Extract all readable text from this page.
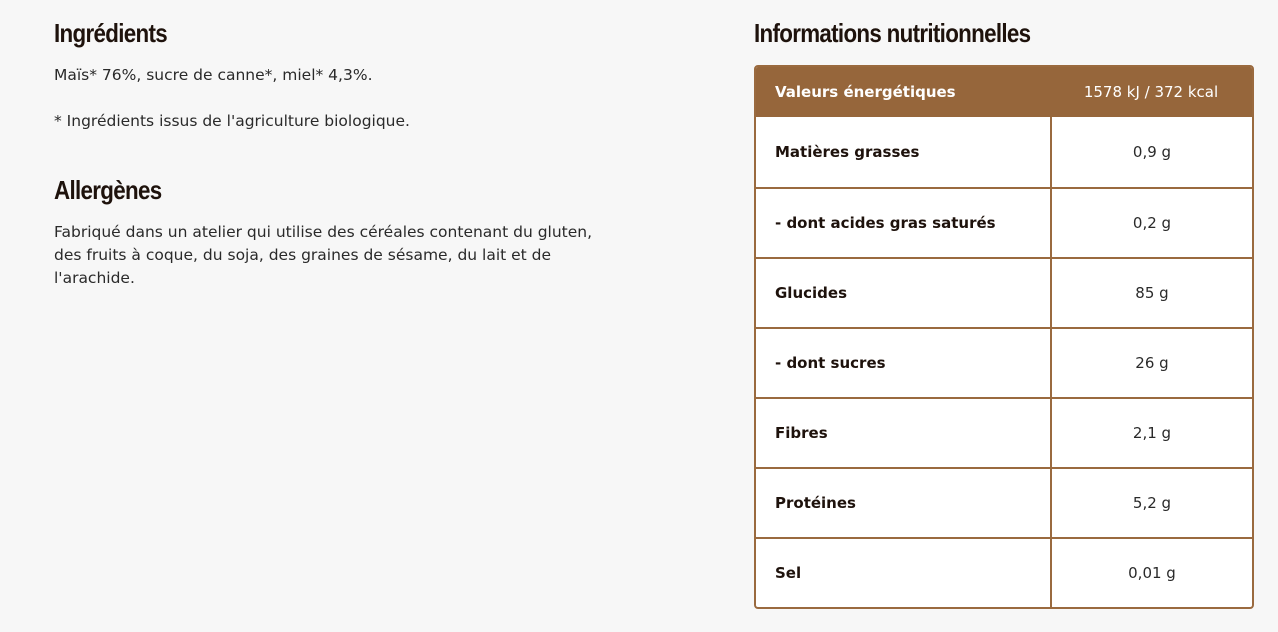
Ingrédients

Maïs* 76%, sucre de canne*, miel* 4,3%.

* Ingrédients issus de l'agriculture biologique.

Allergènes

Fabriqué dans un atelier qui utilise des céréales contenant du gluten, des fruits à coque, du soja, des graines de sésame, du lait et de l'arachide.

Informations nutritionnelles
Valeurs énergétiques	1578 kJ / 372 kcal
Matières grasses	0,9 g
- dont acides gras saturés	0,2 g
Glucides	85 g
- dont sucres	26 g
Fibres	2,1 g
Protéines	5,2 g
Sel	0,01 g
